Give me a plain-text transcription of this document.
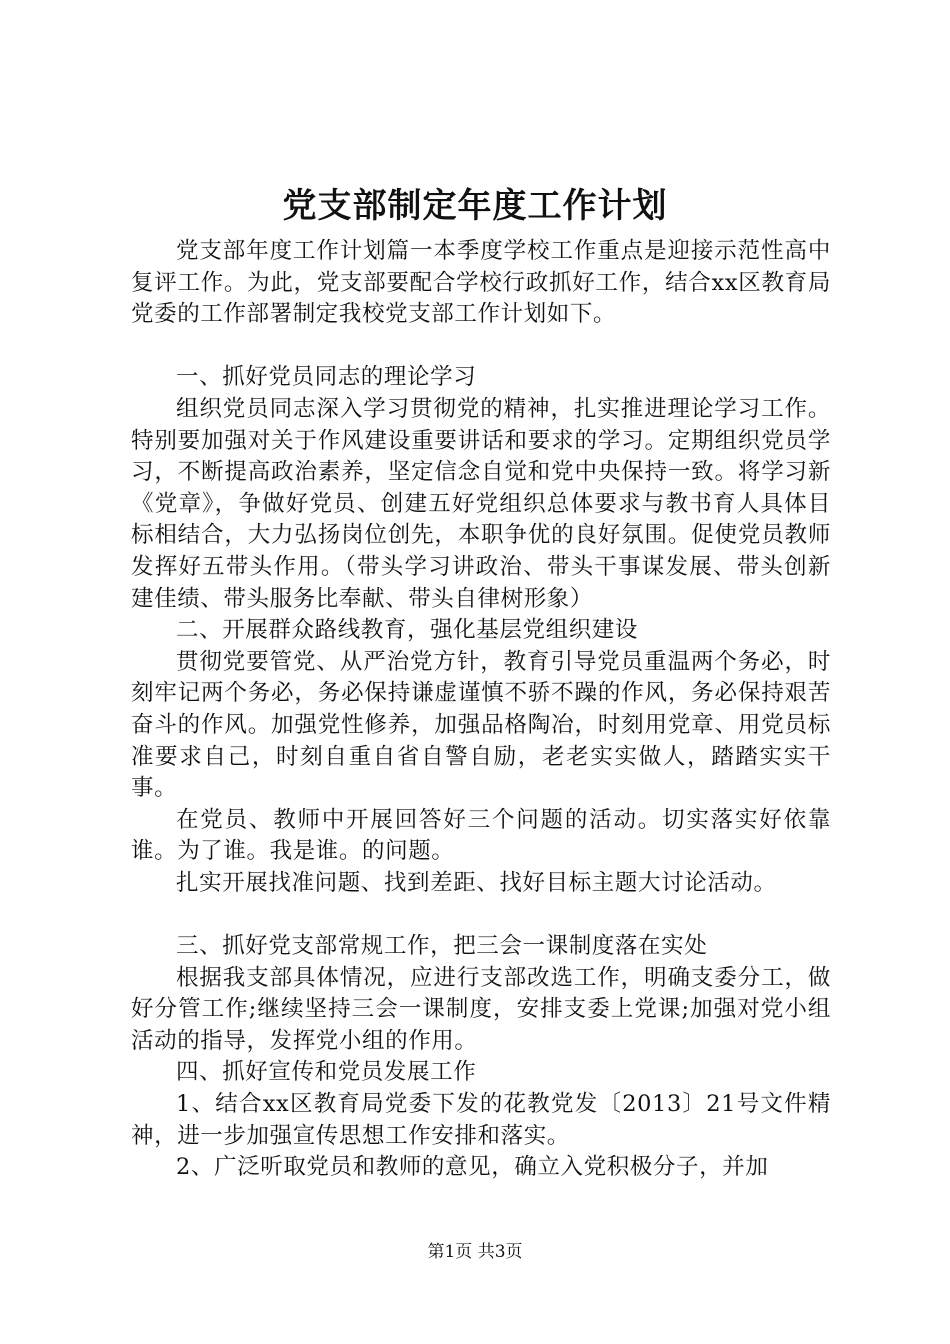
党支部制定年度工作计划

党支部年度工作计划篇一本季度学校工作重点是迎接示范性高中复评工作。为此，党支部要配合学校行政抓好工作，结合xx区教育局党委的工作部署制定我校党支部工作计划如下。

一、抓好党员同志的理论学习

组织党员同志深入学习贯彻党的精神，扎实推进理论学习工作。特别要加强对关于作风建设重要讲话和要求的学习。定期组织党员学习，不断提高政治素养，坚定信念自觉和党中央保持一致。将学习新《党章》，争做好党员、创建五好党组织总体要求与教书育人具体目标相结合，大力弘扬岗位创先，本职争优的良好氛围。促使党员教师发挥好五带头作用。（带头学习讲政治、带头干事谋发展、带头创新建佳绩、带头服务比奉献、带头自律树形象）

二、开展群众路线教育，强化基层党组织建设

贯彻党要管党、从严治党方针，教育引导党员重温两个务必，时刻牢记两个务必，务必保持谦虚谨慎不骄不躁的作风，务必保持艰苦奋斗的作风。加强党性修养，加强品格陶冶，时刻用党章、用党员标准要求自己，时刻自重自省自警自励，老老实实做人，踏踏实实干事。

在党员、教师中开展回答好三个问题的活动。切实落实好依靠谁。为了谁。我是谁。的问题。

扎实开展找准问题、找到差距、找好目标主题大讨论活动。

三、抓好党支部常规工作，把三会一课制度落在实处

根据我支部具体情况，应进行支部改选工作，明确支委分工，做好分管工作;继续坚持三会一课制度，安排支委上党课;加强对党小组活动的指导，发挥党小组的作用。

四、抓好宣传和党员发展工作

1、结合xx区教育局党委下发的花教党发〔2013〕21号文件精神，进一步加强宣传思想工作安排和落实。

2、广泛听取党员和教师的意见，确立入党积极分子，并加

第1页 共3页
